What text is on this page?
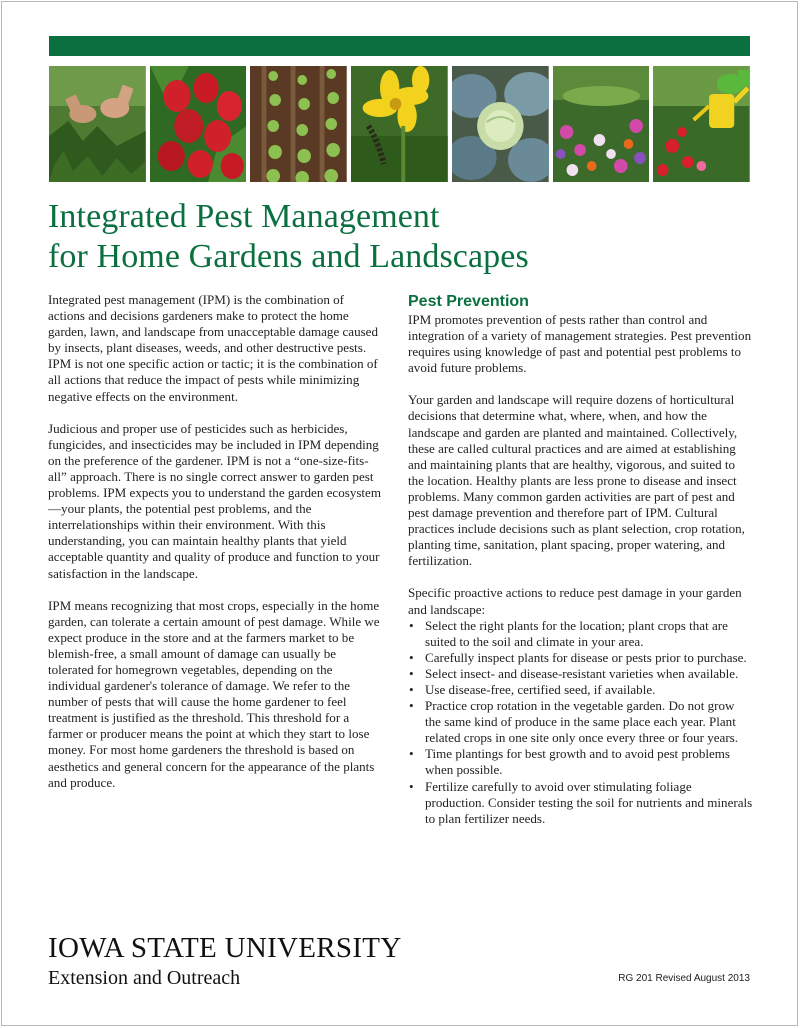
Integrated Pest Management
for Home Gardens and Landscapes

Integrated pest management (IPM) is the combination of actions and decisions gardeners make to protect the home garden, lawn, and landscape from unacceptable damage caused by insects, plant diseases, weeds, and other destructive pests. IPM is not one specific action or tactic; it is the combination of all actions that reduce the impact of pests while minimizing negative effects on the environment.

Judicious and proper use of pesticides such as herbicides, fungicides, and insecticides may be included in IPM depending on the preference of the gardener. IPM is not a “one-size-fits-all” approach. There is no single correct answer to garden pest problems. IPM expects you to understand the garden ecosystem—your plants, the potential pest problems, and the interrelationships within their environment. With this understanding, you can maintain healthy plants that yield acceptable quantity and quality of produce and function to your satisfaction in the landscape.

IPM means recognizing that most crops, especially in the home garden, can tolerate a certain amount of pest damage. While we expect produce in the store and at the farmers market to be blemish-free, a small amount of damage can usually be tolerated for homegrown vegetables, depending on the individual gardener's tolerance of damage. We refer to the number of pests that will cause the home gardener to feel treatment is justified as the threshold. This threshold for a farmer or producer means the point at which they start to lose money. For most home gardeners the threshold is based on aesthetics and general concern for the appearance of the plants and produce.

Pest Prevention

IPM promotes prevention of pests rather than control and integration of a variety of management strategies. Pest prevention requires using knowledge of past and potential pest problems to avoid future problems.

Your garden and landscape will require dozens of horticultural decisions that determine what, where, when, and how the landscape and garden are planted and maintained. Collectively, these are called cultural practices and are aimed at establishing and maintaining plants that are healthy, vigorous, and suited to the location. Healthy plants are less prone to disease and insect problems. Many common garden activities are part of pest and pest damage prevention and therefore part of IPM. Cultural practices include decisions such as plant selection, crop rotation, planting time, sanitation, plant spacing, proper watering, and fertilization.

Specific proactive actions to reduce pest damage in your garden and landscape:

• Select the right plants for the location; plant crops that are suited to the soil and climate in your area.
• Carefully inspect plants for disease or pests prior to purchase.
• Select insect- and disease-resistant varieties when available.
• Use disease-free, certified seed, if available.
• Practice crop rotation in the vegetable garden. Do not grow the same kind of produce in the same place each year. Plant related crops in one site only once every three or four years.
• Time plantings for best growth and to avoid pest problems when possible.
• Fertilize carefully to avoid over stimulating foliage production. Consider testing the soil for nutrients and minerals to plan fertilizer needs.
IOWA STATE UNIVERSITY
Extension and Outreach	RG 201 Revised August 2013
